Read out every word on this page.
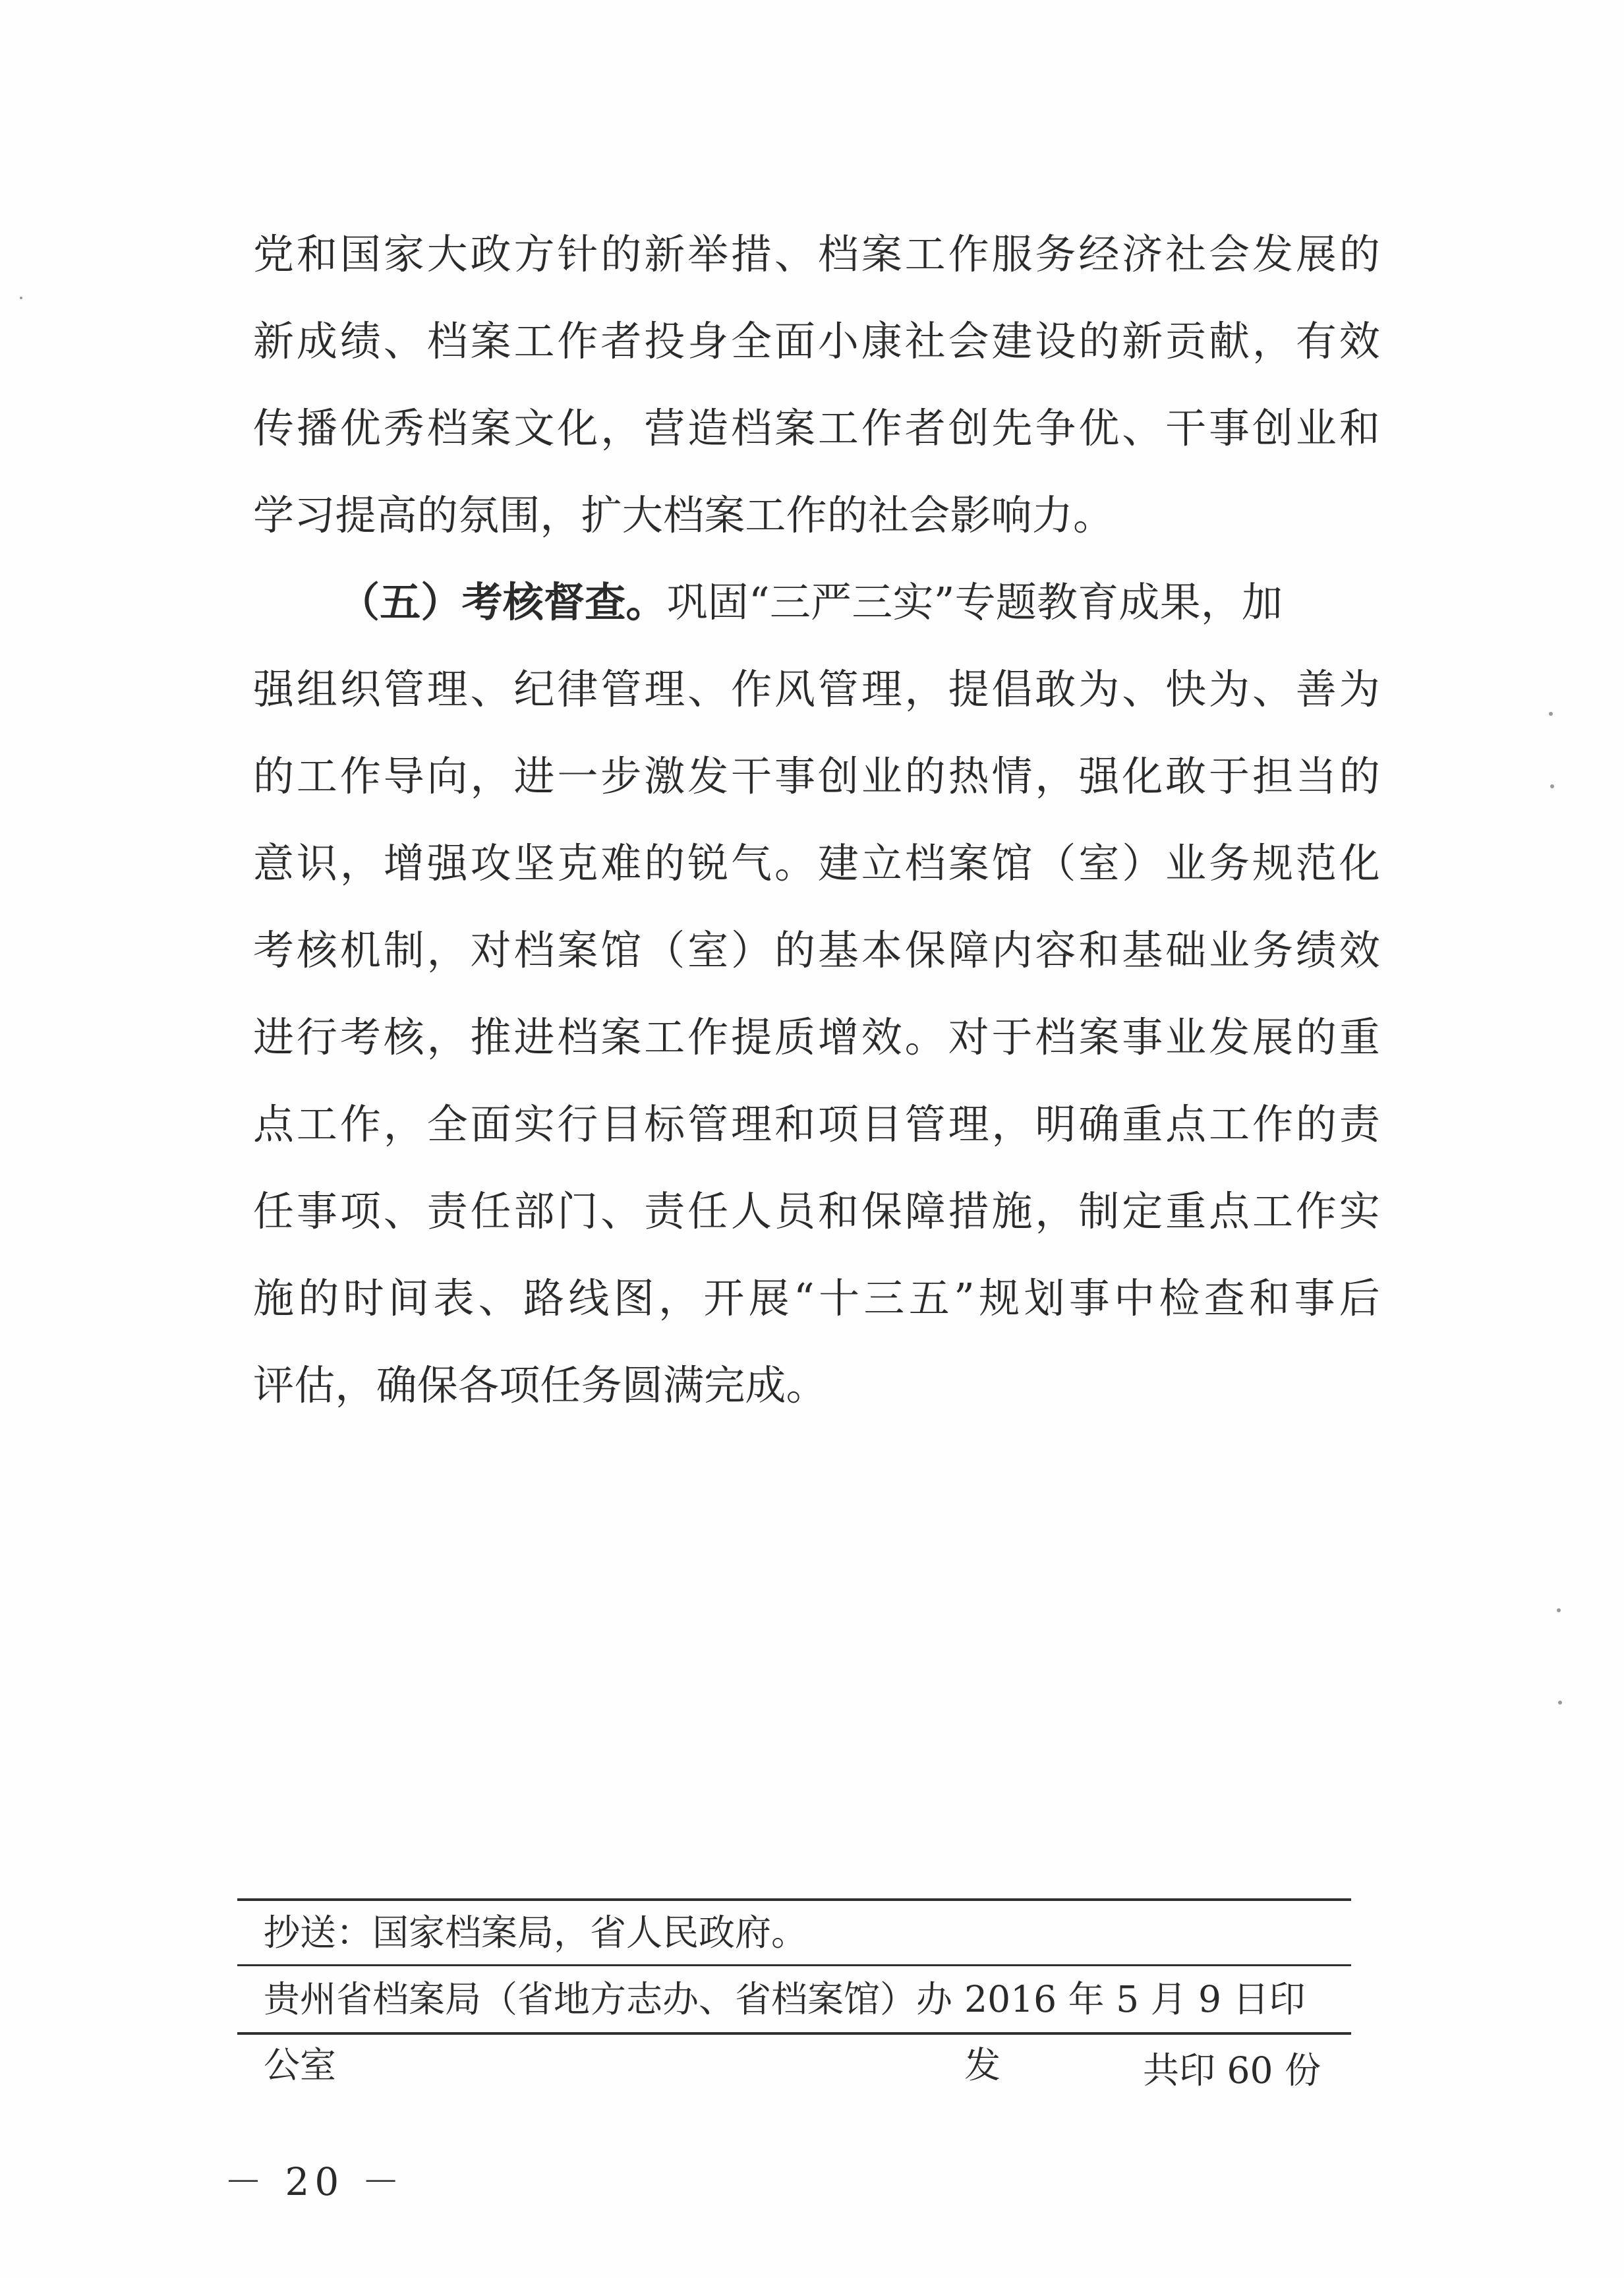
党和国家大政方针的新举措、档案工作服务经济社会发展的
新成绩、档案工作者投身全面小康社会建设的新贡献，有效
传播优秀档案文化，营造档案工作者创先争优、干事创业和
学习提高的氛围，扩大档案工作的社会影响力。
（五）考核督查。巩固“三严三实”专题教育成果，加
强组织管理、纪律管理、作风管理，提倡敢为、快为、善为
的工作导向，进一步激发干事创业的热情，强化敢于担当的
意识，增强攻坚克难的锐气。建立档案馆（室）业务规范化
考核机制，对档案馆（室）的基本保障内容和基础业务绩效
进行考核，推进档案工作提质增效。对于档案事业发展的重
点工作，全面实行目标管理和项目管理，明确重点工作的责
任事项、责任部门、责任人员和保障措施，制定重点工作实
施的时间表、路线图，开展“十三五”规划事中检查和事后
评估，确保各项任务圆满完成。
抄送：国家档案局，省人民政府。
贵州省档案局（省地方志办、省档案馆）办公室
2016 年 5 月 9 日印发	共印 60 份
－ 20 －
